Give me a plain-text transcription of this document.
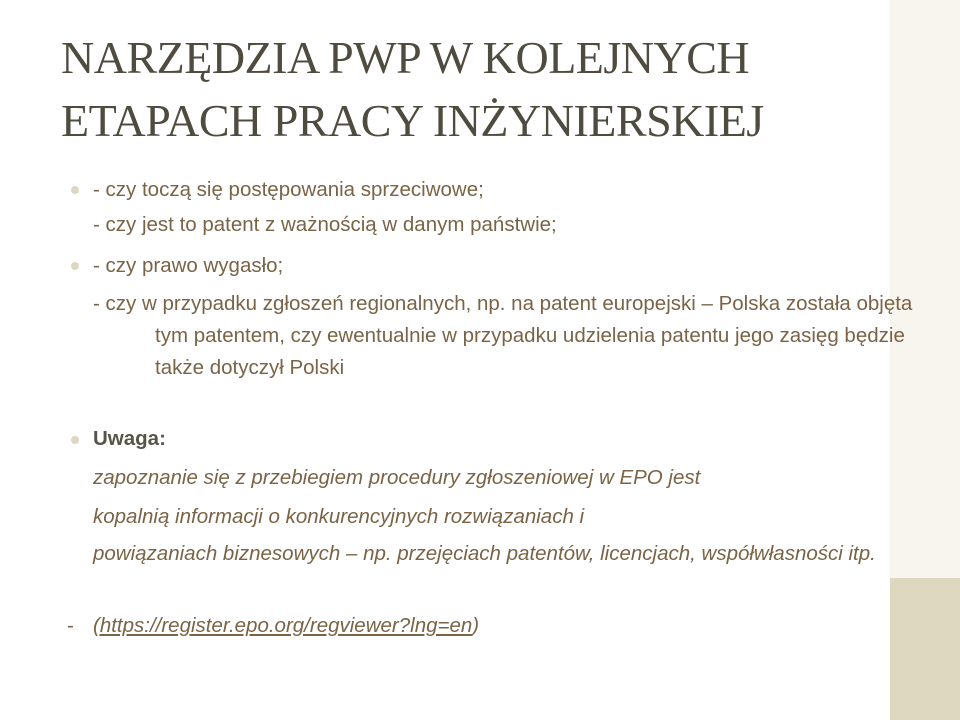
NARZĘDZIA PWP W KOLEJNYCH
ETAPACH PRACY INŻYNIERSKIEJ

- czy toczą się postępowania sprzeciwowe;

- czy jest to patent z ważnością w danym państwie;

- czy prawo wygasło;

- czy w przypadku zgłoszeń regionalnych, np. na patent europejski – Polska została objęta tym patentem, czy ewentualnie w przypadku udzielenia patentu jego zasięg będzie także dotyczył Polski

Uwaga:

zapoznanie się z przebiegiem procedury zgłoszeniowej w EPO jest

kopalnią informacji o konkurencyjnych rozwiązaniach i

powiązaniach biznesowych – np. przejęciach patentów, licencjach, współwłasności itp.

- (https://register.epo.org/regviewer?lng=en)
